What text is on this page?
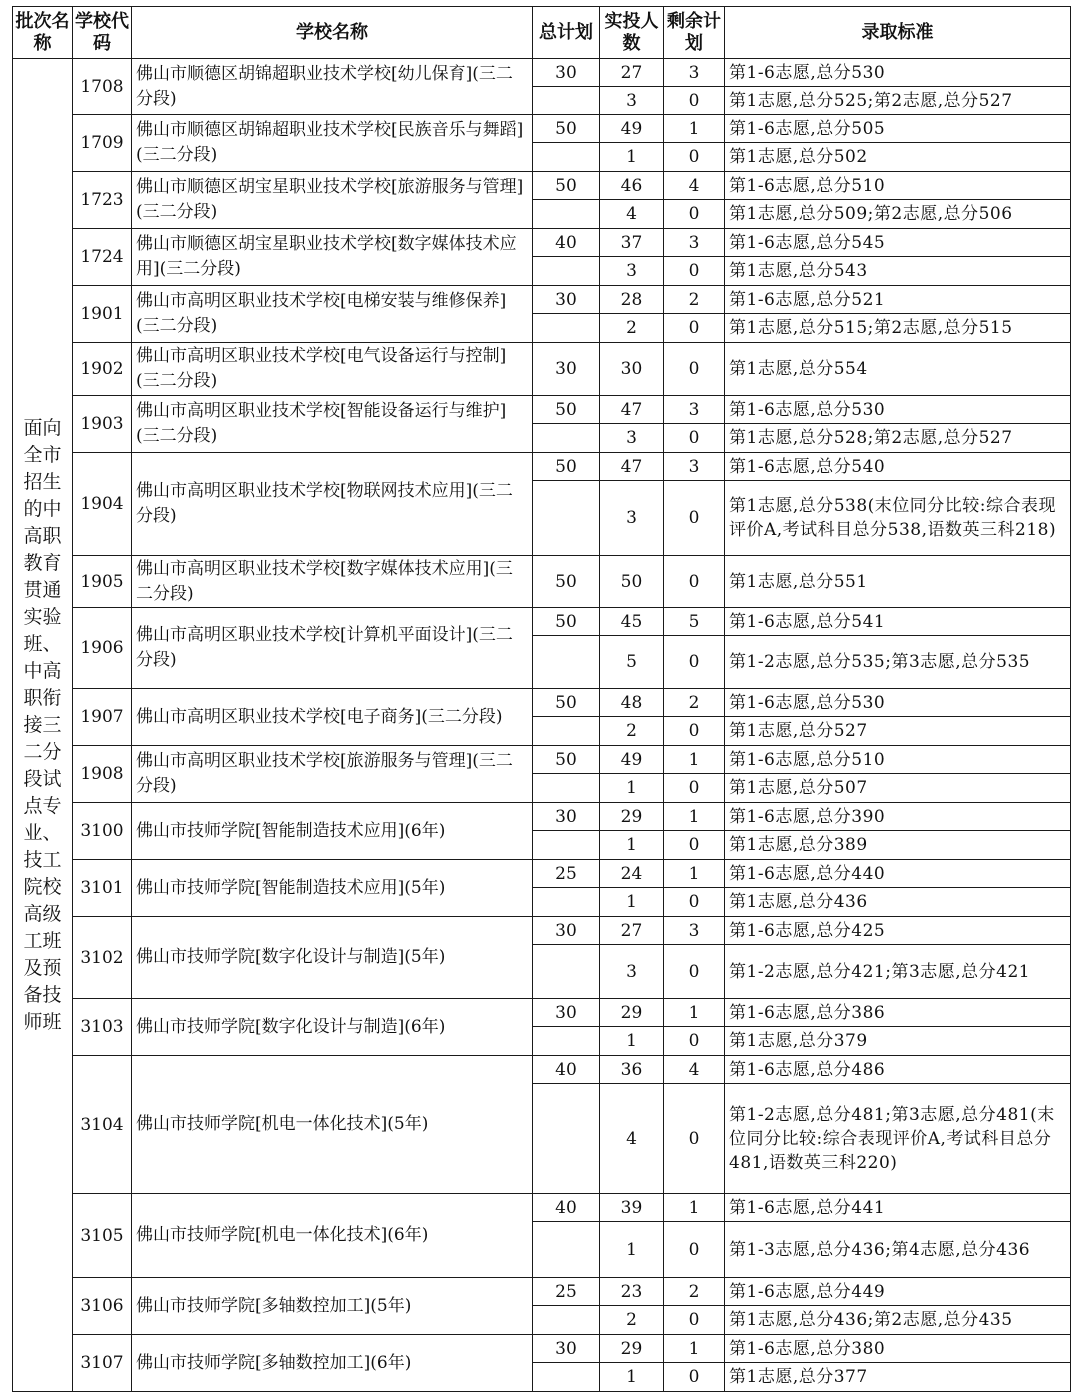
批次名称	学校代码	学校名称	总计划	实投人数	剩余计划	录取标准
面向全市招生的中高职教育贯通实验班、中高职衔接三二分段试点专业、技工院校高级工班及预备技师班	1708	佛山市顺德区胡锦超职业技术学校[幼儿保育](三二分段)	30	27	3	第1-6志愿,总分530
				3	0	第1志愿,总分525;第2志愿,总分527
	1709	佛山市顺德区胡锦超职业技术学校[民族音乐与舞蹈](三二分段)	50	49	1	第1-6志愿,总分505
				1	0	第1志愿,总分502
	1723	佛山市顺德区胡宝星职业技术学校[旅游服务与管理](三二分段)	50	46	4	第1-6志愿,总分510
				4	0	第1志愿,总分509;第2志愿,总分506
	1724	佛山市顺德区胡宝星职业技术学校[数字媒体技术应用](三二分段)	40	37	3	第1-6志愿,总分545
				3	0	第1志愿,总分543
	1901	佛山市高明区职业技术学校[电梯安装与维修保养](三二分段)	30	28	2	第1-6志愿,总分521
				2	0	第1志愿,总分515;第2志愿,总分515
	1902	佛山市高明区职业技术学校[电气设备运行与控制](三二分段)	30	30	0	第1志愿,总分554
	1903	佛山市高明区职业技术学校[智能设备运行与维护](三二分段)	50	47	3	第1-6志愿,总分530
				3	0	第1志愿,总分528;第2志愿,总分527
	1904	佛山市高明区职业技术学校[物联网技术应用](三二分段)	50	47	3	第1-6志愿,总分540
				3	0	第1志愿,总分538(末位同分比较:综合表现评价A,考试科目总分538,语数英三科218)
	1905	佛山市高明区职业技术学校[数字媒体技术应用](三二分段)	50	50	0	第1志愿,总分551
	1906	佛山市高明区职业技术学校[计算机平面设计](三二分段)	50	45	5	第1-6志愿,总分541
				5	0	第1-2志愿,总分535;第3志愿,总分535
	1907	佛山市高明区职业技术学校[电子商务](三二分段)	50	48	2	第1-6志愿,总分530
				2	0	第1志愿,总分527
	1908	佛山市高明区职业技术学校[旅游服务与管理](三二分段)	50	49	1	第1-6志愿,总分510
				1	0	第1志愿,总分507
	3100	佛山市技师学院[智能制造技术应用](6年)	30	29	1	第1-6志愿,总分390
				1	0	第1志愿,总分389
	3101	佛山市技师学院[智能制造技术应用](5年)	25	24	1	第1-6志愿,总分440
				1	0	第1志愿,总分436
	3102	佛山市技师学院[数字化设计与制造](5年)	30	27	3	第1-6志愿,总分425
				3	0	第1-2志愿,总分421;第3志愿,总分421
	3103	佛山市技师学院[数字化设计与制造](6年)	30	29	1	第1-6志愿,总分386
				1	0	第1志愿,总分379
	3104	佛山市技师学院[机电一体化技术](5年)	40	36	4	第1-6志愿,总分486
				4	0	第1-2志愿,总分481;第3志愿,总分481(末位同分比较:综合表现评价A,考试科目总分481,语数英三科220)
	3105	佛山市技师学院[机电一体化技术](6年)	40	39	1	第1-6志愿,总分441
				1	0	第1-3志愿,总分436;第4志愿,总分436
	3106	佛山市技师学院[多轴数控加工](5年)	25	23	2	第1-6志愿,总分449
				2	0	第1志愿,总分436;第2志愿,总分435
	3107	佛山市技师学院[多轴数控加工](6年)	30	29	1	第1-6志愿,总分380
				1	0	第1志愿,总分377
